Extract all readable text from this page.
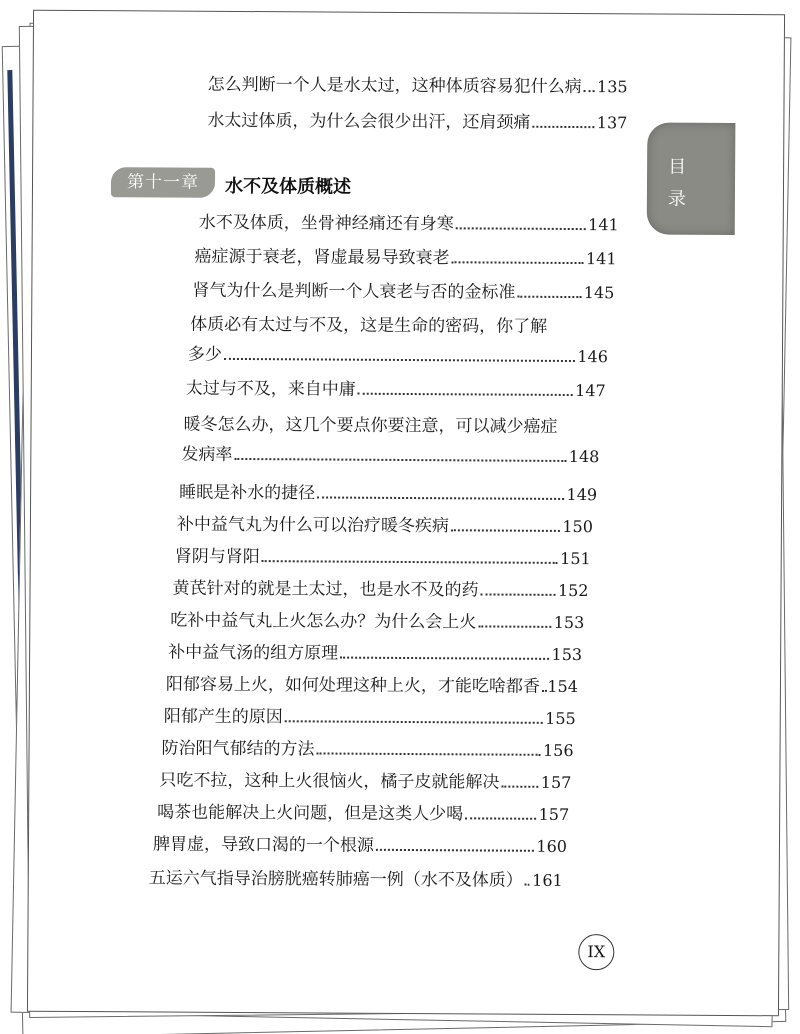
目
录
怎么判断一个人是水太过，这种体质容易犯什么病 135
水太过体质，为什么会很少出汗，还肩颈痛	137
第十一章	水不及体质概述
水不及体质，坐骨神经痛还有身寒	141
癌症源于衰老，肾虚最易导致衰老	141
肾气为什么是判断一个人衰老与否的金标准	145
体质必有太过与不及，这是生命的密码，你了解
多少	146
太过与不及，来自中庸	147
暖冬怎么办，这几个要点你要注意，可以减少癌症
发病率	148
睡眠是补水的捷径	149
补中益气丸为什么可以治疗暖冬疾病	150
肾阴与肾阳	151
黄芪针对的就是土太过，也是水不及的药	152
吃补中益气丸上火怎么办？为什么会上火	153
补中益气汤的组方原理	153
阳郁容易上火，如何处理这种上火，才能吃啥都香 154
阳郁产生的原因	155
防治阳气郁结的方法	156
只吃不拉，这种上火很恼火，橘子皮就能解决	157
喝茶也能解决上火问题，但是这类人少喝	157
脾胃虚，导致口渴的一个根源	160
五运六气指导治膀胱癌转肺癌一例（水不及体质） 161
IX
